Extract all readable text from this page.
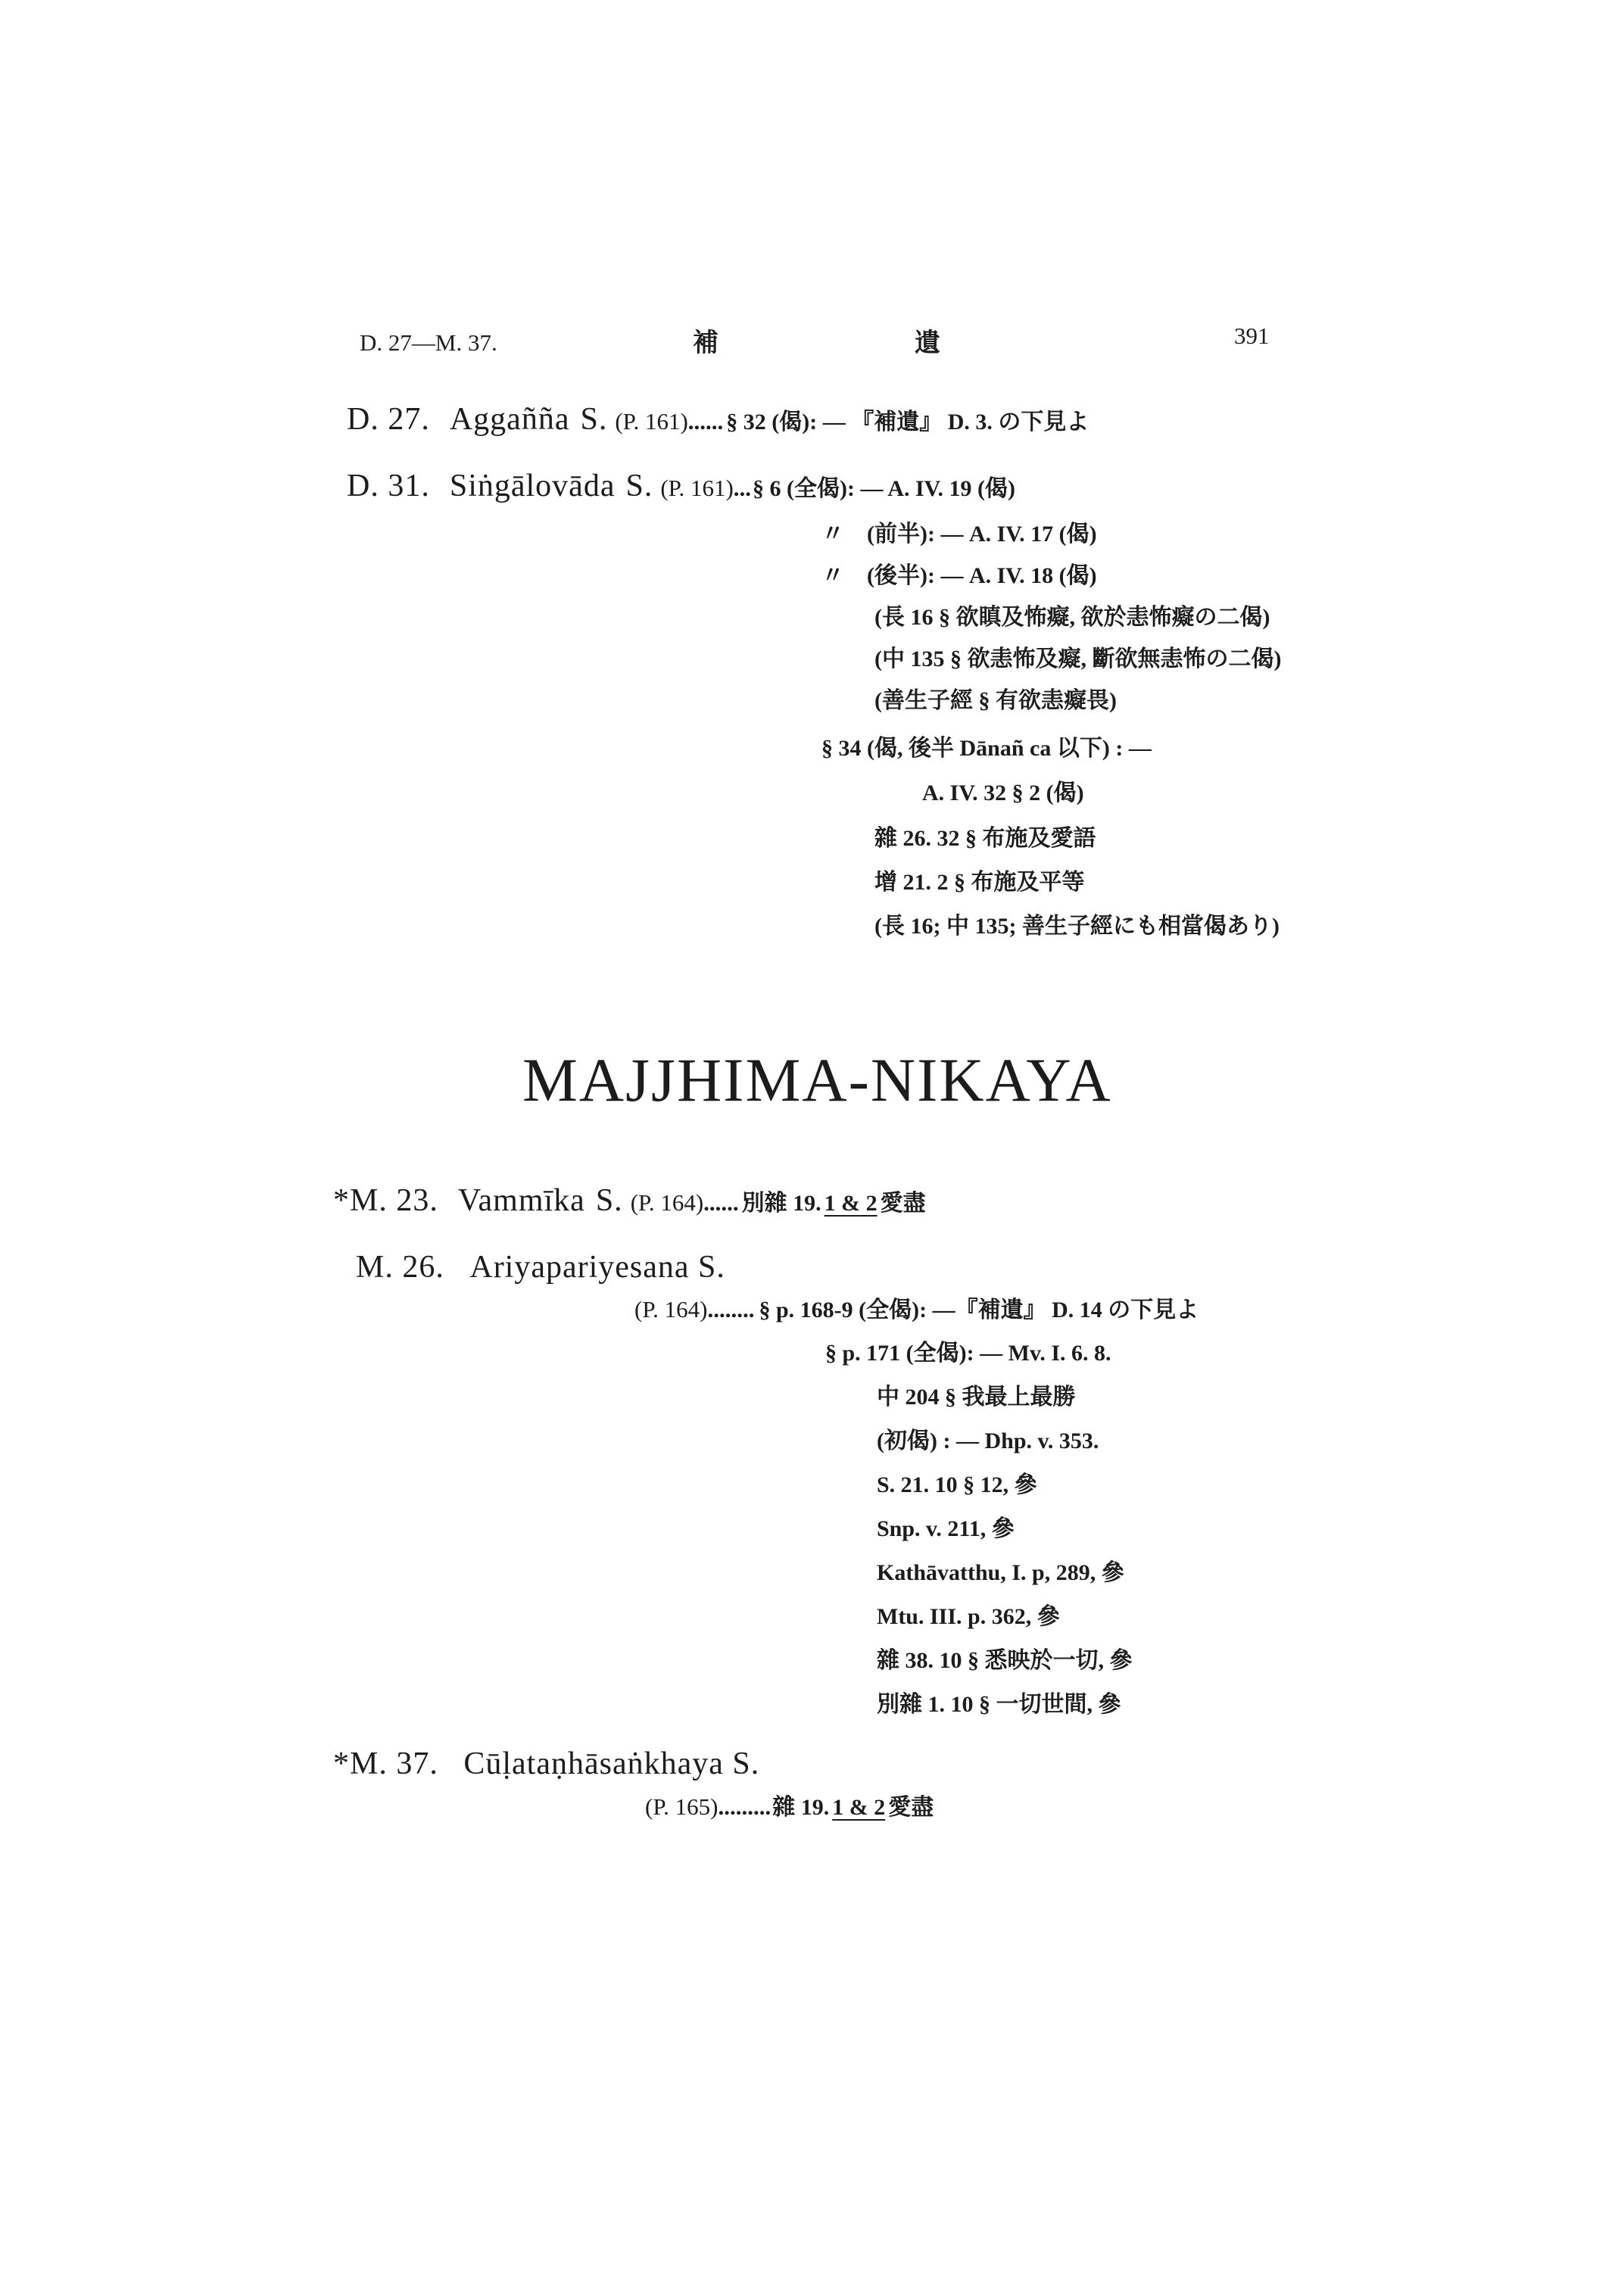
D. 27—M. 37.	補	遺	391
D. 27. Aggañña S. (P. 161)...... § 32 (偈): — 『補遺』 D. 3. の下見よ
D. 31. Siṅgālovāda S. (P. 161)...§ 6 (全偈): — A. IV. 19 (偈)
〃　(前半): — A. IV. 17 (偈)
〃　(後半): — A. IV. 18 (偈)
(長 16 § 欲瞋及怖癡, 欲於恚怖癡の二偈)
(中 135 § 欲恚怖及癡, 斷欲無恚怖の二偈)
(善生子經 § 有欲恚癡畏)
§ 34 (偈, 後半 Dānañ ca 以下) : —
A. IV. 32 § 2 (偈)
雜 26. 32 § 布施及愛語
增 21. 2 § 布施及平等
(長 16; 中 135; 善生子經にも相當偈あり)
MAJJHIMA-NIKAYA
*M. 23. Vammīka S. (P. 164)...... 別雜 19. 1 & 2 愛盡
M. 26. Ariyapariyesana S.
(P. 164)........ § p. 168-9 (全偈): —『補遺』 D. 14 の下見よ
§ p. 171 (全偈): — Mv. I. 6. 8.
中 204 § 我最上最勝
(初偈) : — Dhp. v. 353.
S. 21. 10 § 12, 參
Snp. v. 211, 參
Kathāvatthu, I. p, 289, 參
Mtu. III. p. 362, 參
雜 38. 10 § 悉映於一切, 參
別雜 1. 10 § 一切世間, 參
*M. 37. Cūḷataṇhāsaṅkhaya S.
(P. 165).........雜 19. 1 & 2 愛盡
